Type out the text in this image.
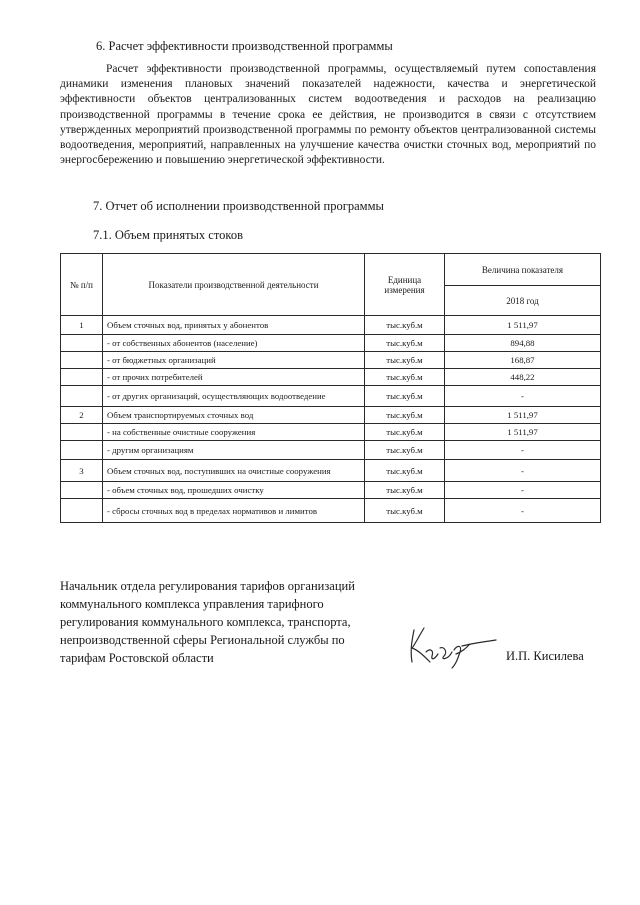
6. Расчет эффективности производственной программы
Расчет эффективности производственной программы, осуществляемый путем сопоставления динамики изменения плановых значений показателей надежности, качества и энергетической эффективности объектов централизованных систем водоотведения и расходов на реализацию производственной программы в течение срока ее действия, не производится в связи с отсутствием утвержденных мероприятий производственной программы по ремонту объектов централизованной системы водоотведения, мероприятий, направленных на улучшение качества очистки сточных вод, мероприятий по энергосбережению и повышению энергетической эффективности.
7. Отчет об исполнении производственной программы
7.1. Объем принятых стоков
№ п/п	Показатели производственной деятельности	Единица измерения	Величина показателя
			2018 год
1	Объем сточных вод, принятых у абонентов	тыс.куб.м	1 511,97
	- от собственных абонентов (население)	тыс.куб.м	894,88
	- от бюджетных организаций	тыс.куб.м	168,87
	- от прочих потребителей	тыс.куб.м	448,22
	- от других организаций, осуществляющих водоотведение	тыс.куб.м	-
2	Объем транспортируемых сточных вод	тыс.куб.м	1 511,97
	- на собственные очистные сооружения	тыс.куб.м	1 511,97
	- другим организациям	тыс.куб.м	-
3	Объем сточных вод, поступивших на очистные сооружения	тыс.куб.м	-
	- объем сточных вод, прошедших очистку	тыс.куб.м	-
	- сбросы сточных вод в пределах нормативов и лимитов	тыс.куб.м	-
Начальник отдела регулирования тарифов организаций
коммунального комплекса управления тарифного
регулирования коммунального комплекса, транспорта,
непроизводственной сферы Региональной службы по
тарифам Ростовской области	И.П. Кисилева
